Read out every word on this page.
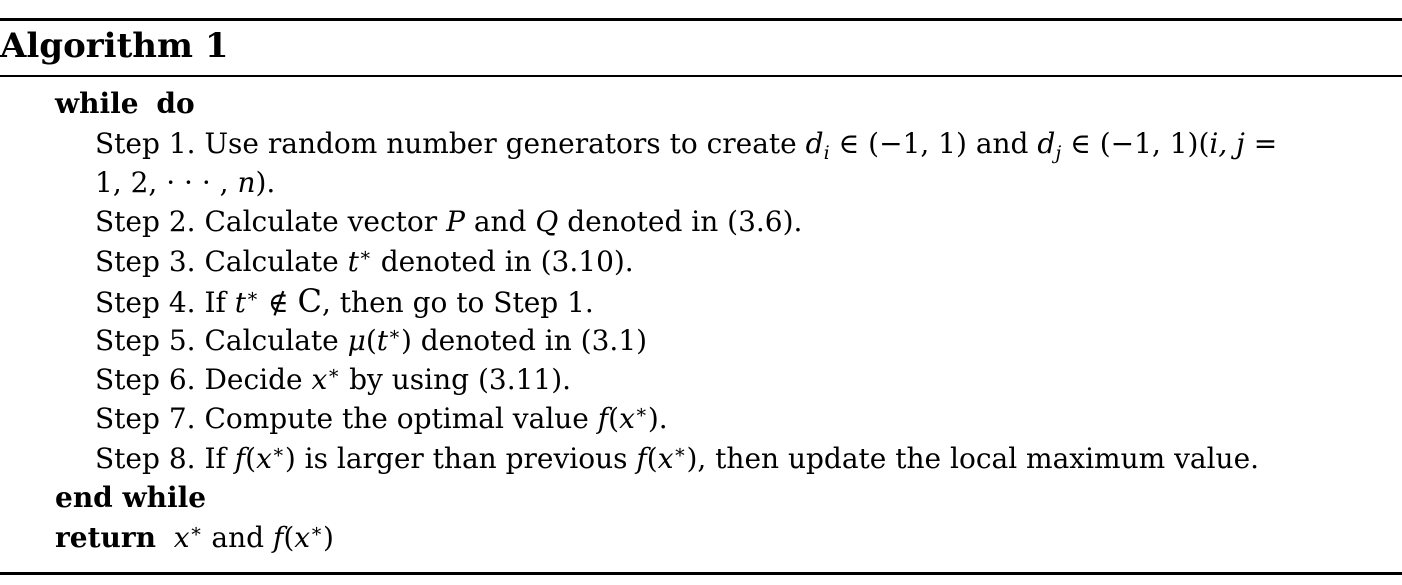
Algorithm 1
while do
Step 1. Use random number generators to create $d_i$ ∈ (−1, 1) and $d_j$ ∈ (−1, 1)(i, j =
1, 2, · · · , n).
Step 2. Calculate vector P and Q denoted in (3.6).
Step 3. Calculate t∗ denoted in (3.10).
Step 4. If t∗ ∉ C, then go to Step 1.
Step 5. Calculate μ(t∗) denoted in (3.1)
Step 6. Decide x∗ by using (3.11).
Step 7. Compute the optimal value f(x∗).
Step 8. If f(x∗) is larger than previous f(x∗), then update the local maximum value.
end while
return x∗ and f(x∗)
